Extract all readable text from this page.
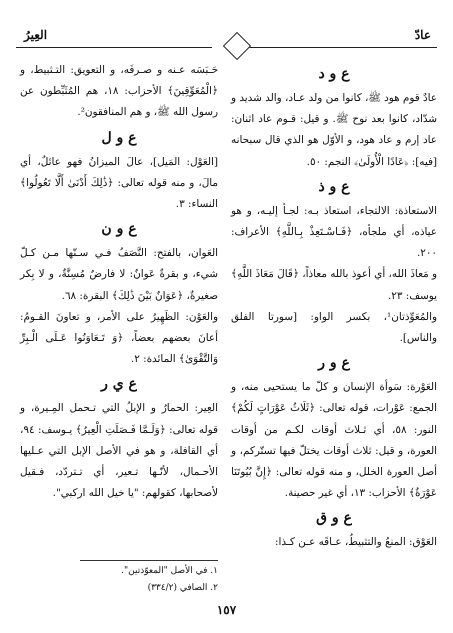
عادّ
العِيرُ
ع و د

عادٌ قوم هود ﷺ، كانوا من ولد عـاد، والد شديد و شدّاد، كانوا بعد نوح ﷺ. و قيل: قـوم عاد اثنان: عاد إرم و عاد هود، و الأوّل هو الذي قال سبحانه [فيه]: ﴿عَادًا الْأُولَىٰ﴾ النجم: ٥٠.

ع و ذ

الاستعاذة: الالتجاء، استعاذ بـه: لجـأ إليـه، و هو عياذه، أي ملجأه، ﴿فَـاسْـتَعِذْ بِـاللَّهِ﴾ الأعراف: ٢٠٠.

و مَعاذَ الله، أي أعوذ بالله معاذاً، ﴿قَالَ مَعَاذَ اللَّهِ﴾ يوسف: ٢٣.

والمُعَوِّذتان¹، بكسر الواو: [سورتا الفلق والناس].

ع و ر

العَوْرة: سَوأة الإنسان و كلّ ما يستحيى منه، و الجمع: عَوْرات، قوله تعالى: ﴿ثَلَاثُ عَوْرَاتٍ لَكُمْ﴾ النور: ٥٨، أي ثـلاث أوقات لكـم من أوقات العورة، و قيل: ثلاث أوقات يختلّ فيها تستّركم، و أصل العورة الخلل، و منه قوله تعالى: ﴿إِنَّ بُيُوتَنَا عَوْرَةٌ﴾ الأحزاب: ١٣، أي غير حصينة.

ع و ق

العَوْق: المنعُ والتثبيطُ، عـاقَه عـن كـذا:

حَـبَسَه عـنه و صـرفَه، و التعويق: التـثبيط، و ﴿الْمُعَوِّقِينَ﴾ الأحزاب: ١٨، هم المُثَبِّطون عن رسول الله ﷺ، و هم المنافقون².

ع و ل

[العَوْل: المَيل]، عالَ الميزانُ فهو عائلٌ، أي مالَ، و منه قوله تعالى: ﴿ذَٰلِكَ أَدْنَىٰ أَلَّا تَعُولُوا﴾ النساء: ٣.

ع و ن

العَوان، بالفتح: النَّصَفُ فـي سـنّها مـن كـلّ شيء، و بقرةٌ عَوانٌ: لا فارضٌ مُسِنَّةٌ، و لا بِكر صغيرةٌ، ﴿عَوَانٌ بَيْنَ ذَٰلِكَ﴾ البقرة: ٦٨.

والعَوْن: الظَهِيرُ على الأمر، و تعاونَ القـومُ: أعانَ بعضهم بعضاً، ﴿وَ تَـعَاوَنُوا عَـلَى الْـبِرِّ وَالتَّقْوَىٰ﴾ المائدة: ٢.

ع ي ر

العِير: الحمارُ و الإبلُ التي تـحمل المِـيرة، و قوله تعالى: ﴿وَلَـمَّا فَـصَلَتِ الْعِيرُ﴾ يـوسف: ٩٤، أي القافلة، و هو في الأصل الإبل التي عـليها الأحـمال، لأنّـها تـعير، أي تـتردّد، فـقيل لأصحابها، كقولهم: "يا خيل الله اركبي".

١. في الأصل "المعوّذتين".

٢. الصافي (٣٣٤/٢)

١٥٧
